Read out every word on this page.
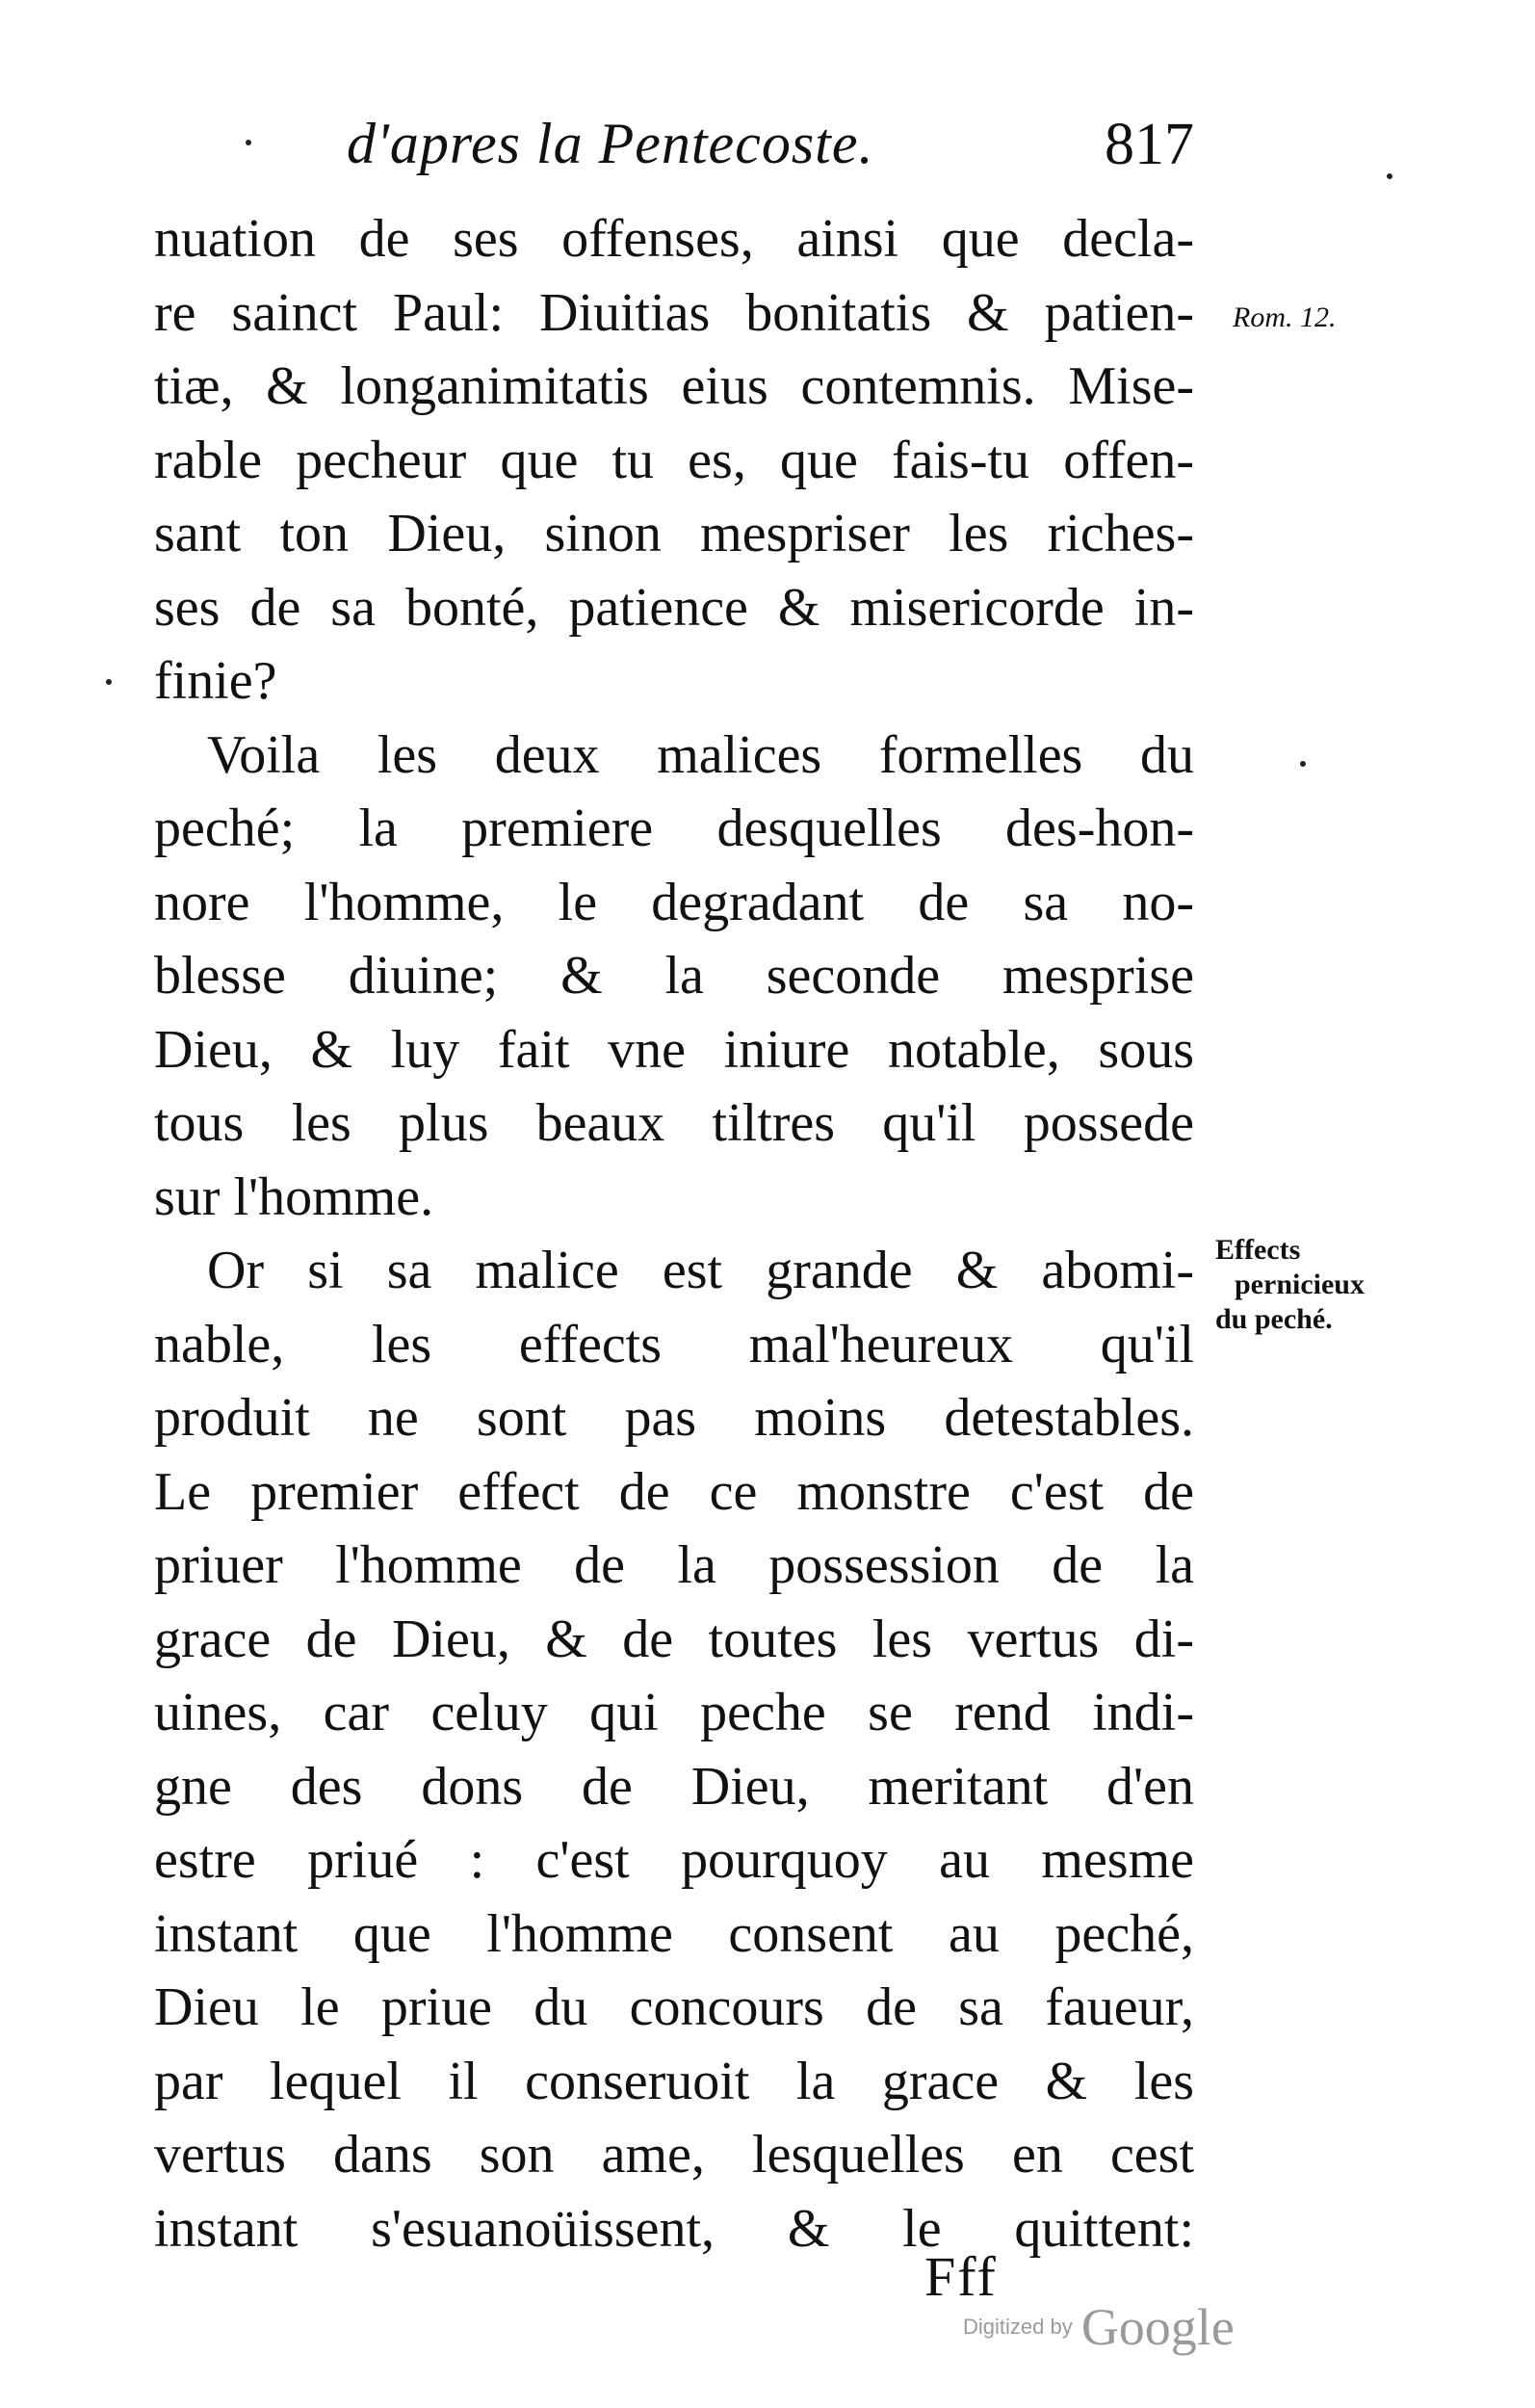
d'apres la Pentecoste.	817
nuation de ses offenses, ainsi que decla-
re sainct Paul: Diuitias bonitatis & patien-
tiæ, & longanimitatis eius contemnis. Mise-
rable pecheur que tu es, que fais-tu offen-
sant ton Dieu, sinon mespriser les riches-
ses de sa bonté, patience & misericorde in-
finie?
Voila les deux malices formelles du
peché; la premiere desquelles des-hon-
nore l'homme, le degradant de sa no-
blesse diuine; & la seconde mesprise
Dieu, & luy fait vne iniure notable, sous
tous les plus beaux tiltres qu'il possede
sur l'homme.
Or si sa malice est grande & abomi-
nable, les effects mal'heureux qu'il
produit ne sont pas moins detestables.
Le premier effect de ce monstre c'est de
priuer l'homme de la possession de la
grace de Dieu, & de toutes les vertus di-
uines, car celuy qui peche se rend indi-
gne des dons de Dieu, meritant d'en
estre priué : c'est pourquoy au mesme
instant que l'homme consent au peché,
Dieu le priue du concours de sa faueur,
par lequel il conseruoit la grace & les
vertus dans son ame, lesquelles en cest
instant s'esuanoüissent, & le quittent:
Rom. 12.
Effects
pernicieux
du peché.
Fff
Digitized by Google
